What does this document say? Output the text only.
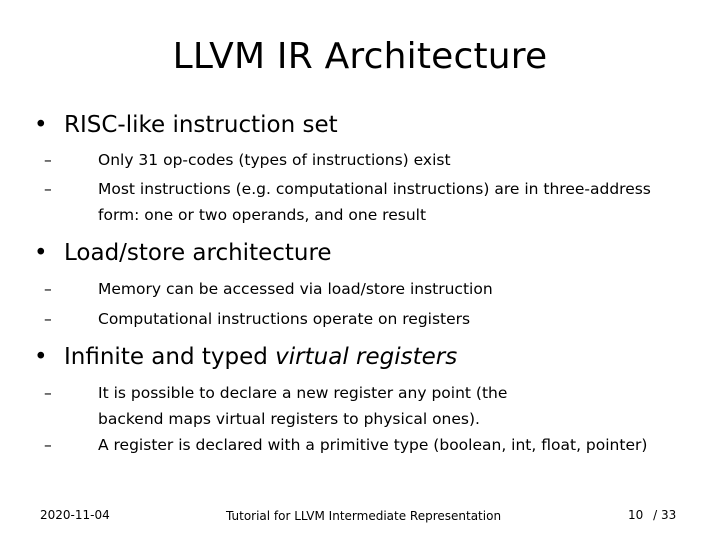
LLVM IR Architecture
• RISC-like instruction set
–	Only 31 op-codes (types of instructions) exist
–	Most instructions (e.g. computational instructions) are in three-address form: one or two operands, and one result
• Load/store architecture
–	Memory can be accessed via load/store instruction
–	Computational instructions operate on registers
• Infinite and typed virtual registers
–	It is possible to declare a new register any point (the backend maps virtual registers to physical ones).
–	A register is declared with a primitive type (boolean, int, float, pointer)
2020-11-04	Tutorial for LLVM Intermediate Representation	10 / 33
